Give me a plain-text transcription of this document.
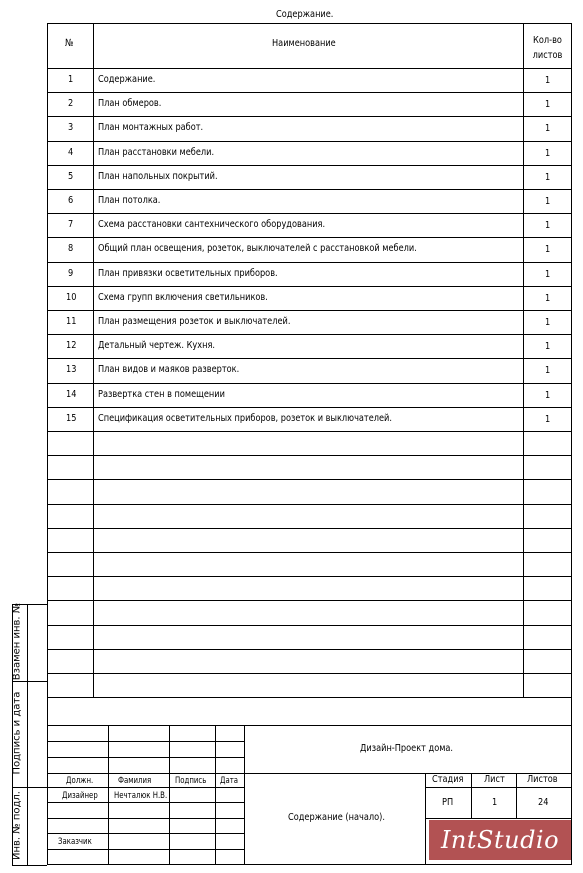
Содержание.
1 Содержание.	1
2 План обмеров.	1
3 План монтажных работ.	1
4 План расстановки мебели.	1
5 План напольных покрытий.	1
6 План потолка.	1
7 Схема расстановки сантехнического оборудования.	1
8 Общий план освещения, розеток, выключателей с расстановкой мебели.	1
9 План привязки осветительных приборов.	1
10 Схема групп включения светильников.	1
11 План размещения розеток и выключателей.	1
12 Детальный чертеж. Кухня.	1
13 План видов и маяков разверток.	1
14 Развертка стен в помещении	1
15 Спецификация осветительных приборов, розеток и выключателей.	1
№	Наименование	Кол-во листов
Взамен инв. №
Подпись и дата
Инв. № подл.
Дизайн-Проект дома.
Содержание (начало).
Должн.	Фамилия	Подпись Дата
Дизайнер Нечталюк Н.В.
Заказчик
Стадия Лист Листов
РП	1	24
IntStudio
